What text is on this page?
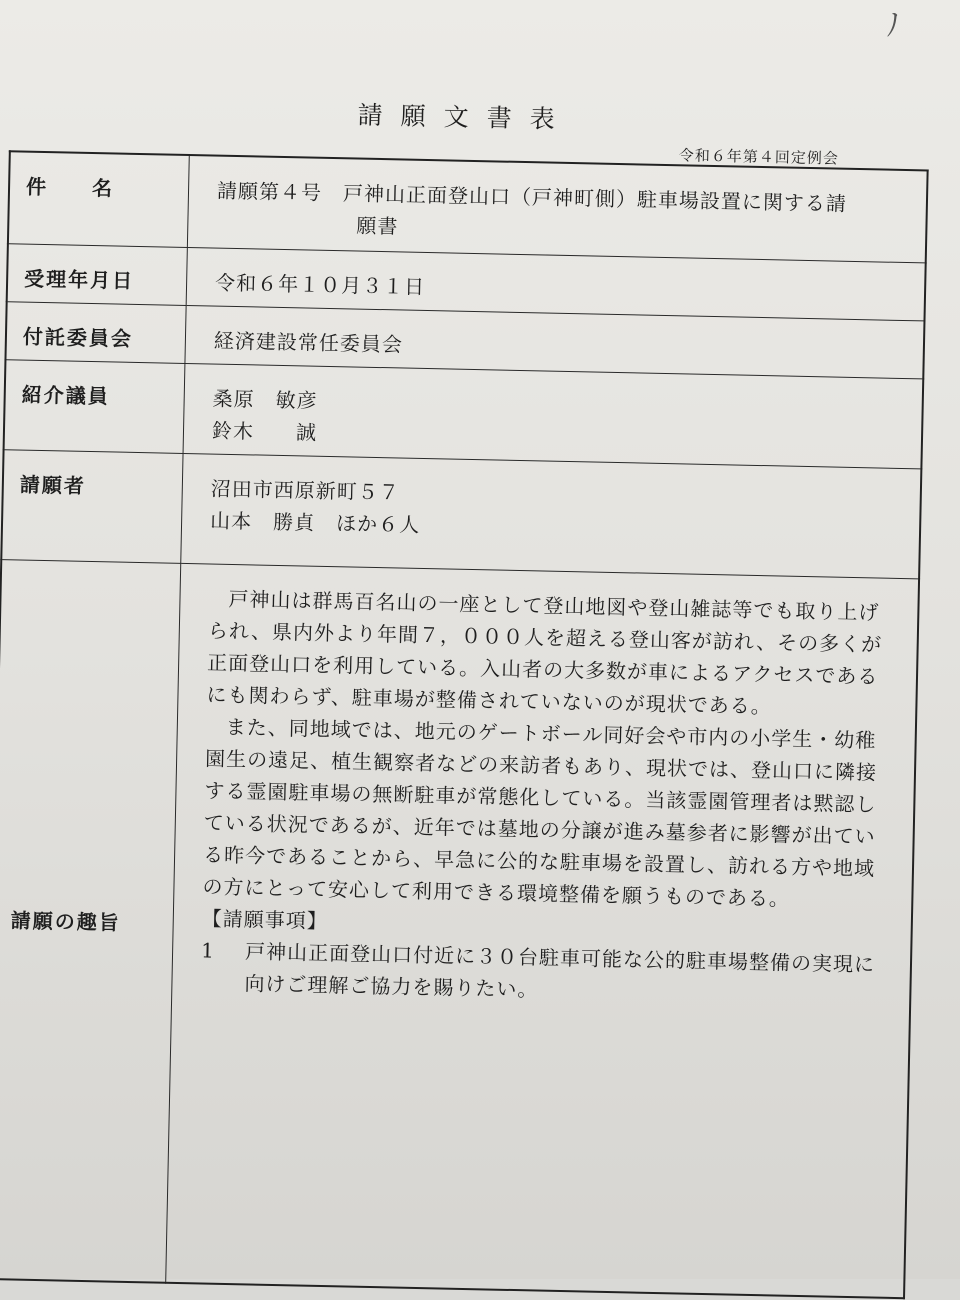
ﾉ
請願文書表
令和６年第４回定例会
件　　名	請願第４号　戸神山正面登山口（戸神町側）駐車場設置に関する請
願書

受理年月日	令和６年１０月３１日
付託委員会	経済建設常任委員会
紹介議員	桑原　敏彦
鈴木　　誠

請願者	沼田市西原新町５７
山本　勝貞　ほか６人

請願の趣旨	戸神山は群馬百名山の一座として登山地図や登山雑誌等でも取り上げられ、県内外より年間７，０００人を超える登山客が訪れ、その多くが正面登山口を利用している。入山者の大多数が車によるアクセスであるにも関わらず、駐車場が整備されていないのが現状である。

また、同地域では、地元のゲートボール同好会や市内の小学生・幼稚園生の遠足、植生観察者などの来訪者もあり、現状では、登山口に隣接する霊園駐車場の無断駐車が常態化している。当該霊園管理者は黙認している状況であるが、近年では墓地の分譲が進み墓参者に影響が出ている昨今であることから、早急に公的な駐車場を設置し、訪れる方や地域の方にとって安心して利用できる環境整備を願うものである。

【請願事項】
1 戸神山正面登山口付近に３０台駐車可能な公的駐車場整備の実現に向けご理解ご協力を賜りたい。
